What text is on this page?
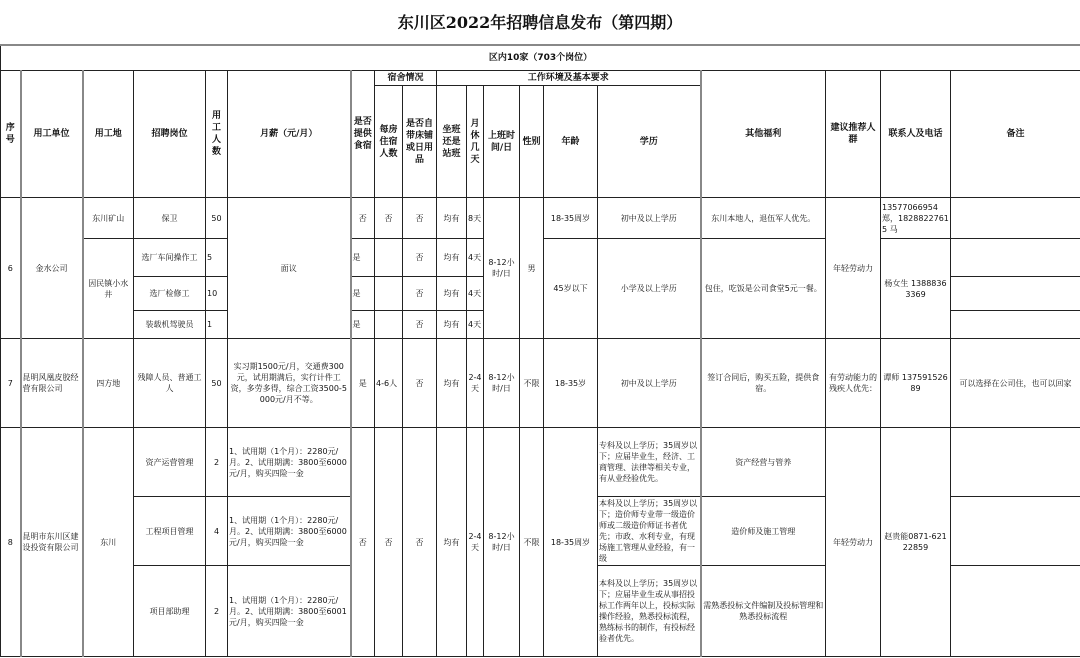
东川区2022年招聘信息发布（第四期）
区内10家（703个岗位）																		
序号	用工单位	用工地	招聘岗位	用工人数	月薪（元/月）	是否提供食宿	宿舍情况		工作环境及基本要求						其他福利	建议推荐人群	联系人及电话	备注
							每房住宿人数	是否自带床铺或日用品	坐班还是站班	月休几天	上班时间/日	性别	年龄	学历				
6	金水公司	东川矿山	保卫	50	面议	否	否	否	均有	8天	8-12小时/日	男	18-35周岁	初中及以上学历	东川本地人，退伍军人优先。	年轻劳动力	13577066954 郑，18288227615 马	
		因民镇小水井	选厂车间操作工	5		是		否	均有	4天			45岁以下	小学及以上学历	包住，吃饭是公司食堂5元一餐。		杨女生 13888363369	
			选厂检修工	10		是		否	均有	4天								
			装载机驾驶员	1		是		否	均有	4天								
7	昆明风凰皮胶经营有限公司	四方地	残障人员、普通工人	50	实习期1500元/月，交通费300元，试用期满后，实行计件工资，多劳多得，综合工资3500-5000元/月不等。	是	4-6人	否	均有	2-4天	8-12小时/日	不限	18-35岁	初中及以上学历	签订合同后，购买五险，提供食宿。	有劳动能力的残疾人优先：	谭师 13759152689	可以选择在公司住，也可以回家
8	昆明市东川区建设投资有限公司	东川	资产运营管理	2	1、试用期（1个月）：2280元/月。2、试用期满：3800至6000元/月，购买四险一金	否	否	否	均有	2-4天	8-12小时/日	不限	18-35周岁	专科及以上学历；35周岁以下；应届毕业生，经济、工商管理、法律等相关专业，有从业经验优先。	资产经营与管养	年轻劳动力	赵贵能0871-62122859	
			工程项目管理	4	1、试用期（1个月）：2280元/月。2、试用期满：3800至6000元/月，购买四险一金									本科及以上学历；35周岁以下；造价师专业带一级造价师或二级造价师证书者优先；市政、水利专业，有现场施工管理从业经验，有一级	造价师及施工管理			
			项目部助理	2	1、试用期（1个月）：2280元/月。2、试用期满：3800至6001元/月，购买四险一金									本科及以上学历；35周岁以下；应届毕业生或从事招投标工作两年以上，投标实际操作经验，熟悉投标流程，熟练标书的制作，有投标经验者优先。	需熟悉投标文件编制及投标管理和熟悉投标流程			
